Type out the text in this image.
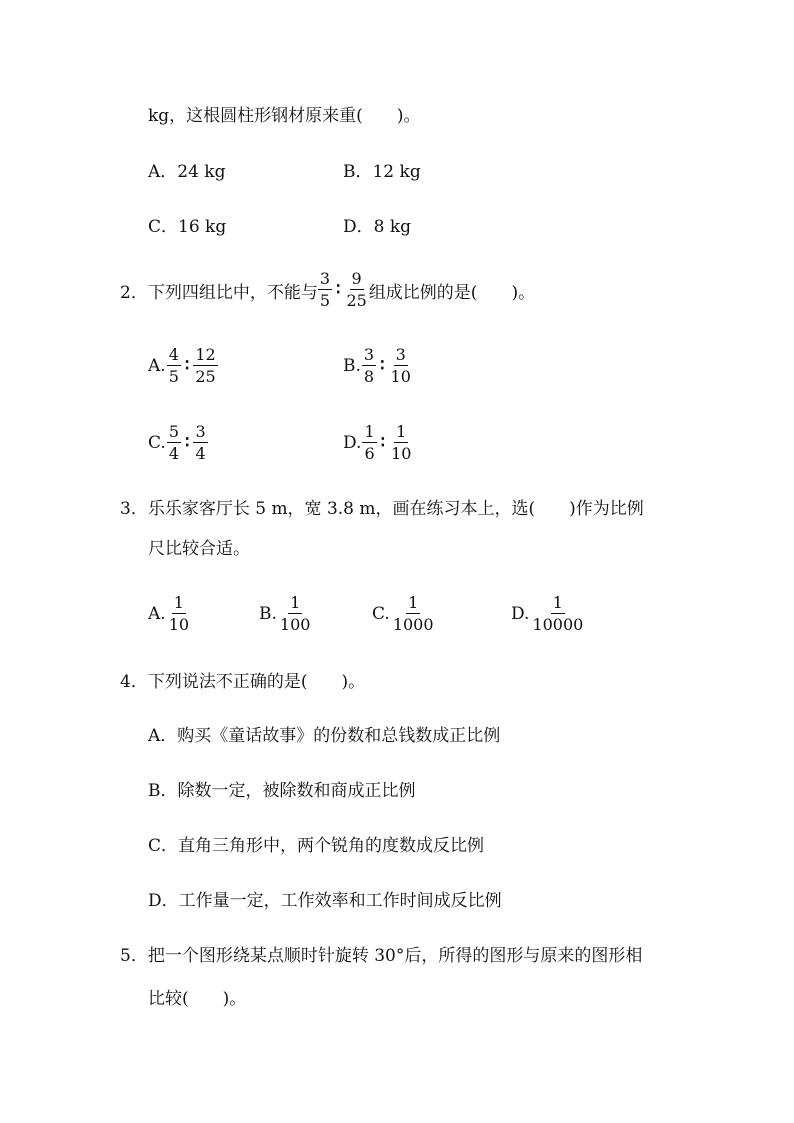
kg，这根圆柱形钢材原来重(　　)。
A．24 kg	B．12 kg
C．16 kg	D．8 kg
2．下列四组比中，不能与 $\frac{3}{5}$ ∶ $\frac{9}{25}$ 组成比例的是(　　)。
A. $\frac{4}{5}$ ∶ $\frac{12}{25}$	B. $\frac{3}{8}$ ∶ $\frac{3}{10}$
C. $\frac{5}{4}$ ∶ $\frac{3}{4}$	D. $\frac{1}{6}$ ∶ $\frac{1}{10}$
3．乐乐家客厅长 5 m，宽 3.8 m，画在练习本上，选(　　)作为比例
尺比较合适。
A. $\frac{1}{10}$	B. $\frac{1}{100}$	C. $\frac{1}{1000}$	D. $\frac{1}{10000}$
4．下列说法不正确的是(　　)。
A．购买《童话故事》的份数和总钱数成正比例
B．除数一定，被除数和商成正比例
C．直角三角形中，两个锐角的度数成反比例
D．工作量一定，工作效率和工作时间成反比例
5．把一个图形绕某点顺时针旋转 30°后，所得的图形与原来的图形相
比较(　　)。
